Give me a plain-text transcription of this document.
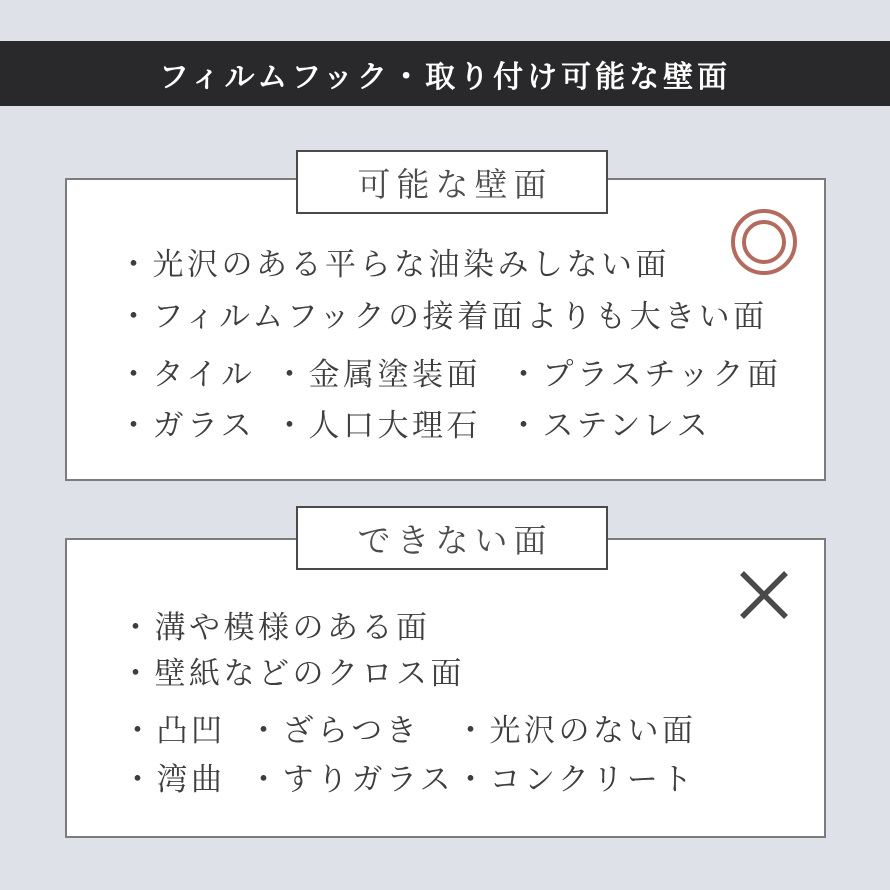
フィルムフック・取り付け可能な壁面
可能な壁面
・光沢のある平らな油染みしない面
・フィルムフックの接着面よりも大きい面
・タイル ・金属塗装面 ・プラスチック面
・ガラス ・人口大理石 ・ステンレス
できない面
・溝や模様のある面
・壁紙などのクロス面
・凸凹 ・ざらつき ・光沢のない面
・湾曲 ・すりガラス ・コンクリート
